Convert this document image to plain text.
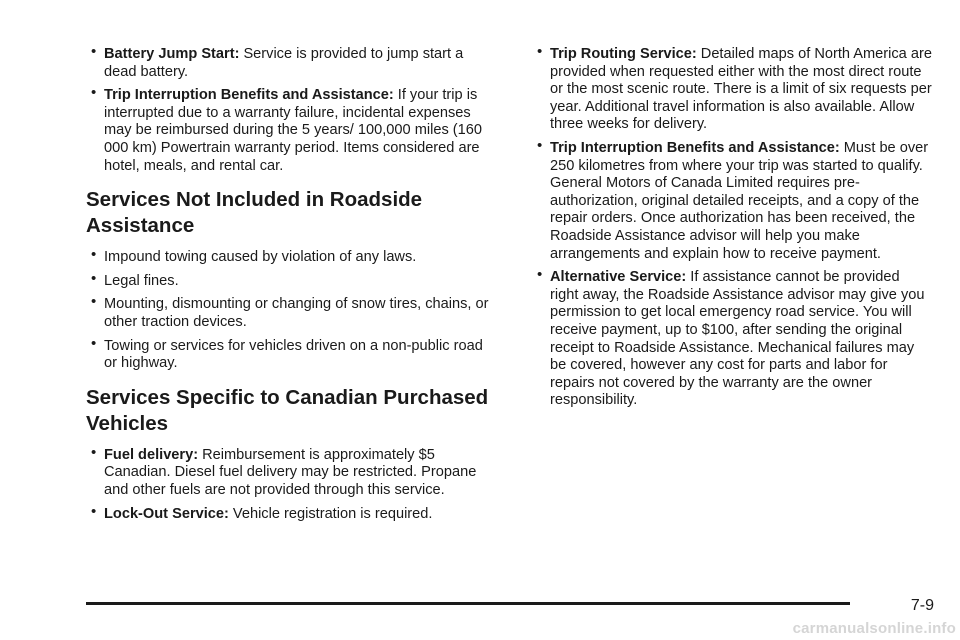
• Battery Jump Start: Service is provided to jump start a dead battery.
• Trip Interruption Benefits and Assistance: If your trip is interrupted due to a warranty failure, incidental expenses may be reimbursed during the 5 years/ 100,000 miles (160 000 km) Powertrain warranty period. Items considered are hotel, meals, and rental car.
Services Not Included in Roadside Assistance
• Impound towing caused by violation of any laws.
• Legal fines.
• Mounting, dismounting or changing of snow tires, chains, or other traction devices.
• Towing or services for vehicles driven on a non-public road or highway.
Services Specific to Canadian Purchased Vehicles
• Fuel delivery: Reimbursement is approximately $5 Canadian. Diesel fuel delivery may be restricted. Propane and other fuels are not provided through this service.
• Lock-Out Service: Vehicle registration is required.
• Trip Routing Service: Detailed maps of North America are provided when requested either with the most direct route or the most scenic route. There is a limit of six requests per year. Additional travel information is also available. Allow three weeks for delivery.
• Trip Interruption Benefits and Assistance: Must be over 250 kilometres from where your trip was started to qualify. General Motors of Canada Limited requires pre-authorization, original detailed receipts, and a copy of the repair orders. Once authorization has been received, the Roadside Assistance advisor will help you make arrangements and explain how to receive payment.
• Alternative Service: If assistance cannot be provided right away, the Roadside Assistance advisor may give you permission to get local emergency road service. You will receive payment, up to $100, after sending the original receipt to Roadside Assistance. Mechanical failures may be covered, however any cost for parts and labor for repairs not covered by the warranty are the owner responsibility.
7-9
carmanualsonline.info
